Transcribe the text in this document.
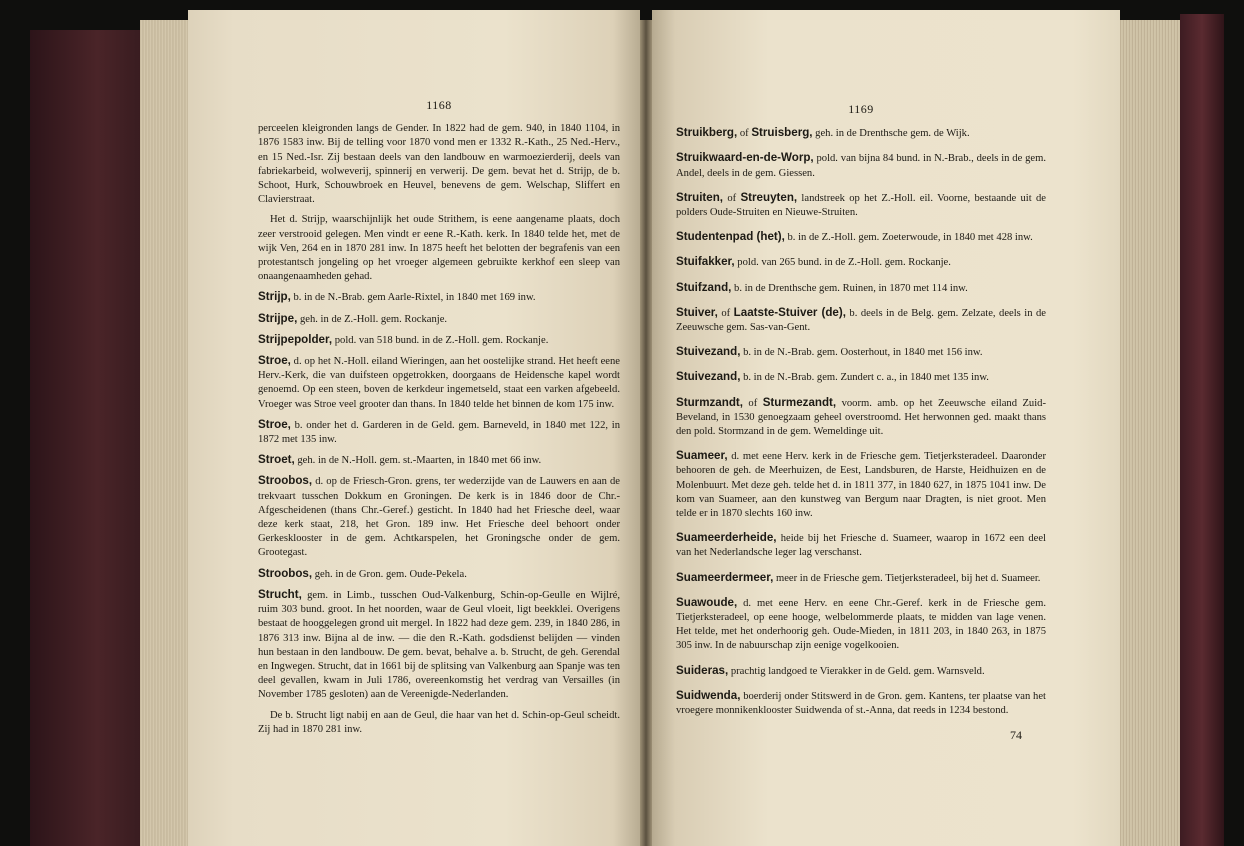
1168

perceelen kleigronden langs de Gender. In 1822 had de gem. 940, in 1840 1104, in 1876 1583 inw. Bij de telling voor 1870 vond men er 1332 R.-Kath., 25 Ned.-Herv., en 15 Ned.-Isr. Zij bestaan deels van den landbouw en warmoezierderij, deels van fabriekarbeid, wolweverij, spinnerij en verwerij. De gem. bevat het d. Strijp, de b. Schoot, Hurk, Schouwbroek en Heuvel, benevens de gem. Welschap, Sliffert en Clavierstraat.

Het d. Strijp, waarschijnlijk het oude Strithem, is eene aangename plaats, doch zeer verstrooid gelegen. Men vindt er eene R.-Kath. kerk. In 1840 telde het, met de wijk Ven, 264 en in 1870 281 inw. In 1875 heeft het belotten der begrafenis van een protestantsch jongeling op het vroeger algemeen gebruikte kerkhof een sleep van onaangenaamheden gehad.

Strijp, b. in de N.-Brab. gem Aarle-Rixtel, in 1840 met 169 inw.

Strijpe, geh. in de Z.-Holl. gem. Rockanje.

Strijpepolder, pold. van 518 bund. in de Z.-Holl. gem. Rockanje.

Stroe, d. op het N.-Holl. eiland Wieringen, aan het oostelijke strand. Het heeft eene Herv.-Kerk, die van duifsteen opgetrokken, doorgaans de Heidensche kapel wordt genoemd. Op een steen, boven de kerkdeur ingemetseld, staat een varken afgebeeld. Vroeger was Stroe veel grooter dan thans. In 1840 telde het binnen de kom 175 inw.

Stroe, b. onder het d. Garderen in de Geld. gem. Barneveld, in 1840 met 122, in 1872 met 135 inw.

Stroet, geh. in de N.-Holl. gem. st.-Maarten, in 1840 met 66 inw.

Stroobos, d. op de Friesch-Gron. grens, ter wederzijde van de Lauwers en aan de trekvaart tusschen Dokkum en Groningen. De kerk is in 1846 door de Chr.-Afgescheidenen (thans Chr.-Geref.) gesticht. In 1840 had het Friesche deel, waar deze kerk staat, 218, het Gron. 189 inw. Het Friesche deel behoort onder Gerkesklooster in de gem. Achtkarspelen, het Groningsche onder de gem. Grootegast.

Stroobos, geh. in de Gron. gem. Oude-Pekela.

Strucht, gem. in Limb., tusschen Oud-Valkenburg, Schin-op-Geulle en Wijlré, ruim 303 bund. groot. In het noorden, waar de Geul vloeit, ligt beekklei. Overigens bestaat de hooggelegen grond uit mergel. In 1822 had deze gem. 239, in 1840 286, in 1876 313 inw. Bijna al de inw. — die den R.-Kath. godsdienst belijden — vinden hun bestaan in den landbouw. De gem. bevat, behalve a. b. Strucht, de geh. Gerendal en Ingwegen. Strucht, dat in 1661 bij de splitsing van Valkenburg aan Spanje was ten deel gevallen, kwam in Juli 1786, overeenkomstig het verdrag van Versailles (in November 1785 gesloten) aan de Vereenigde-Nederlanden.

De b. Strucht ligt nabij en aan de Geul, die haar van het d. Schin-op-Geul scheidt. Zij had in 1870 281 inw.

1169

Struikberg, of Struisberg, geh. in de Drenthsche gem. de Wijk.

Struikwaard-en-de-Worp, pold. van bijna 84 bund. in N.-Brab., deels in de gem. Andel, deels in de gem. Giessen.

Struiten, of Streuyten, landstreek op het Z.-Holl. eil. Voorne, bestaande uit de polders Oude-Struiten en Nieuwe-Struiten.

Studentenpad (het), b. in de Z.-Holl. gem. Zoeterwoude, in 1840 met 428 inw.

Stuifakker, pold. van 265 bund. in de Z.-Holl. gem. Rockanje.

Stuifzand, b. in de Drenthsche gem. Ruinen, in 1870 met 114 inw.

Stuiver, of Laatste-Stuiver (de), b. deels in de Belg. gem. Zelzate, deels in de Zeeuwsche gem. Sas-van-Gent.

Stuivezand, b. in de N.-Brab. gem. Oosterhout, in 1840 met 156 inw.

Stuivezand, b. in de N.-Brab. gem. Zundert c. a., in 1840 met 135 inw.

Sturmzandt, of Sturmezandt, voorm. amb. op het Zeeuwsche eiland Zuid-Beveland, in 1530 genoegzaam geheel overstroomd. Het herwonnen ged. maakt thans den pold. Stormzand in de gem. Wemeldinge uit.

Suameer, d. met eene Herv. kerk in de Friesche gem. Tietjerksteradeel. Daaronder behooren de geh. de Meerhuizen, de Eest, Landsburen, de Harste, Heidhuizen en de Molenbuurt. Met deze geh. telde het d. in 1811 377, in 1840 627, in 1875 1041 inw. De kom van Suameer, aan den kunstweg van Bergum naar Dragten, is niet groot. Men telde er in 1870 slechts 160 inw.

Suameerderheide, heide bij het Friesche d. Suameer, waarop in 1672 een deel van het Nederlandsche leger lag verschanst.

Suameerdermeer, meer in de Friesche gem. Tietjerksteradeel, bij het d. Suameer.

Suawoude, d. met eene Herv. en eene Chr.-Geref. kerk in de Friesche gem. Tietjerksteradeel, op eene hooge, welbelommerde plaats, te midden van lage venen. Het telde, met het onderhoorig geh. Oude-Mieden, in 1811 203, in 1840 263, in 1875 305 inw. In de nabuurschap zijn eenige vogelkooien.

Suideras, prachtig landgoed te Vierakker in de Geld. gem. Warnsveld.

Suidwenda, boerderij onder Stitswerd in de Gron. gem. Kantens, ter plaatse van het vroegere monnikenklooster Suidwenda of st.-Anna, dat reeds in 1234 bestond.

74
